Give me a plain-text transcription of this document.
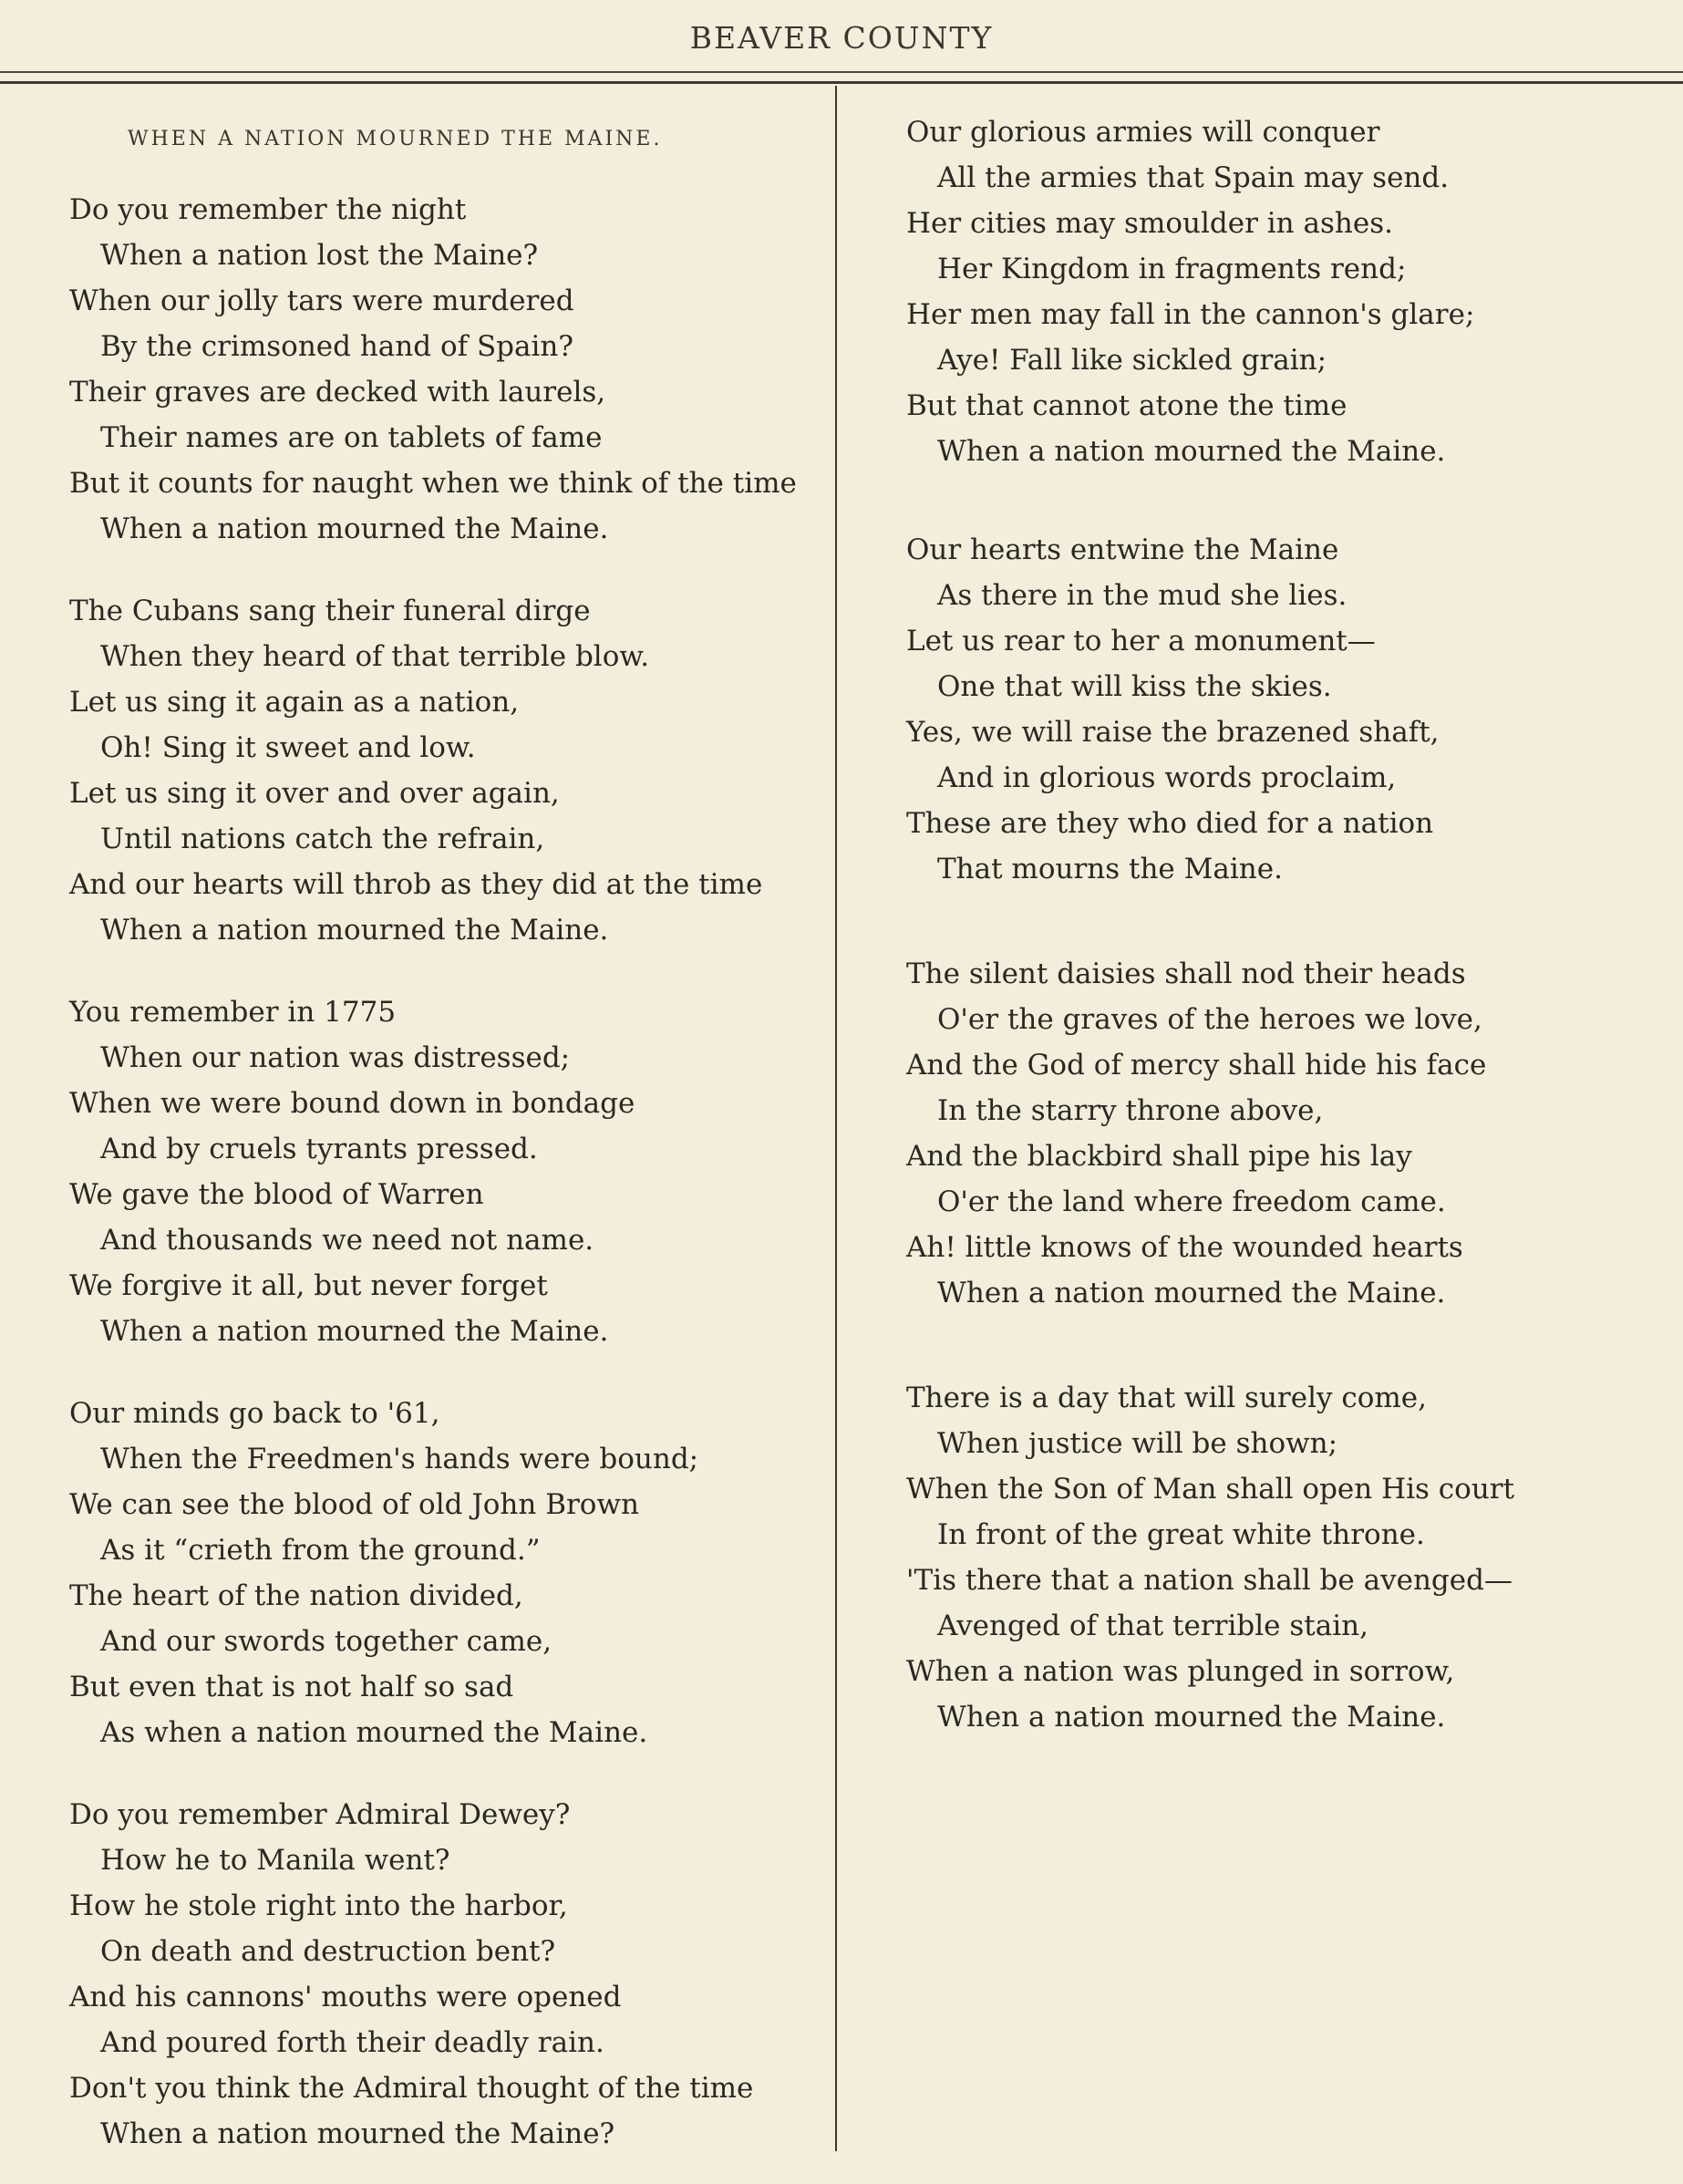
BEAVER COUNTY
WHEN A NATION MOURNED THE MAINE.
Do you remember the night
When a nation lost the Maine?
When our jolly tars were murdered
By the crimsoned hand of Spain?
Their graves are decked with laurels,
Their names are on tablets of fame
But it counts for naught when we think of the time
When a nation mourned the Maine.
The Cubans sang their funeral dirge
When they heard of that terrible blow.
Let us sing it again as a nation,
Oh! Sing it sweet and low.
Let us sing it over and over again,
Until nations catch the refrain,
And our hearts will throb as they did at the time
When a nation mourned the Maine.
You remember in 1775
When our nation was distressed;
When we were bound down in bondage
And by cruels tyrants pressed.
We gave the blood of Warren
And thousands we need not name.
We forgive it all, but never forget
When a nation mourned the Maine.
Our minds go back to '61,
When the Freedmen's hands were bound;
We can see the blood of old John Brown
As it “crieth from the ground.”
The heart of the nation divided,
And our swords together came,
But even that is not half so sad
As when a nation mourned the Maine.
Do you remember Admiral Dewey?
How he to Manila went?
How he stole right into the harbor,
On death and destruction bent?
And his cannons' mouths were opened
And poured forth their deadly rain.
Don't you think the Admiral thought of the time
When a nation mourned the Maine?
Our glorious armies will conquer
All the armies that Spain may send.
Her cities may smoulder in ashes.
Her Kingdom in fragments rend;
Her men may fall in the cannon's glare;
Aye! Fall like sickled grain;
But that cannot atone the time
When a nation mourned the Maine.
Our hearts entwine the Maine
As there in the mud she lies.
Let us rear to her a monument—
One that will kiss the skies.
Yes, we will raise the brazened shaft,
And in glorious words proclaim,
These are they who died for a nation
That mourns the Maine.
The silent daisies shall nod their heads
O'er the graves of the heroes we love,
And the God of mercy shall hide his face
In the starry throne above,
And the blackbird shall pipe his lay
O'er the land where freedom came.
Ah! little knows of the wounded hearts
When a nation mourned the Maine.
There is a day that will surely come,
When justice will be shown;
When the Son of Man shall open His court
In front of the great white throne.
'Tis there that a nation shall be avenged—
Avenged of that terrible stain,
When a nation was plunged in sorrow,
When a nation mourned the Maine.
